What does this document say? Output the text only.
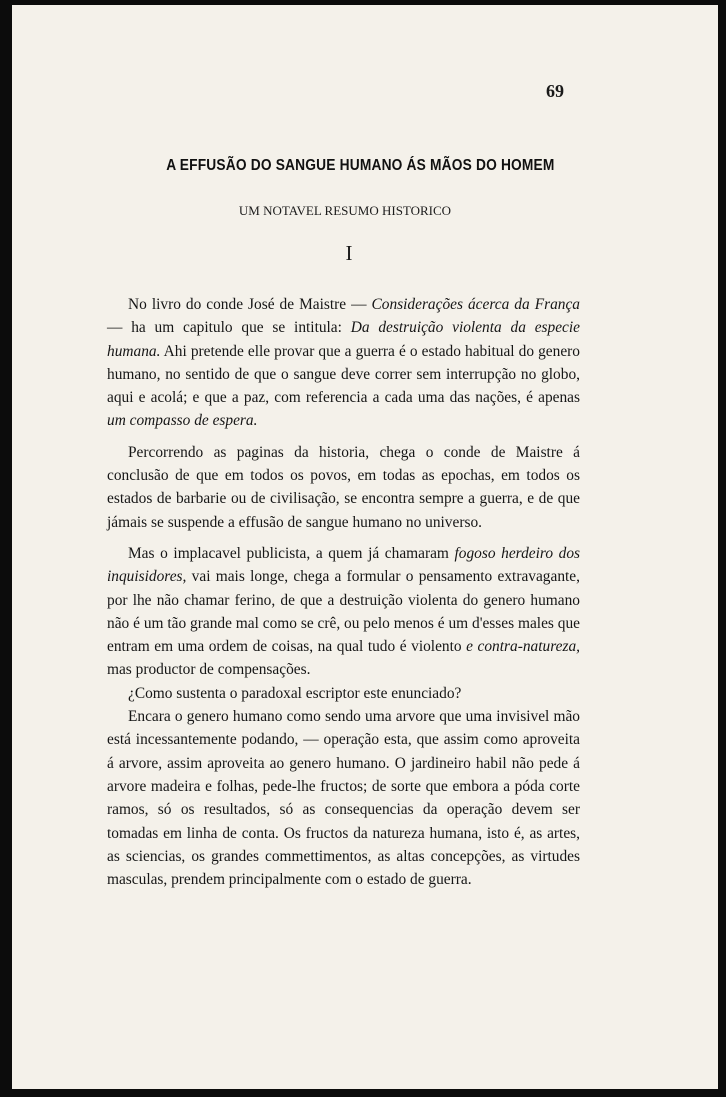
69
A EFFUSÃO DO SANGUE HUMANO ÁS MÃOS DO HOMEM
UM NOTAVEL RESUMO HISTORICO
I

No livro do conde José de Maistre — Considerações ácerca da França — ha um capitulo que se intitula: Da destruição violenta da especie humana. Ahi pretende elle provar que a guerra é o estado habitual do genero humano, no sentido de que o sangue deve correr sem interrupção no globo, aqui e acolá; e que a paz, com referencia a cada uma das nações, é apenas um compasso de espera.

Percorrendo as paginas da historia, chega o conde de Maistre á conclusão de que em todos os povos, em todas as epochas, em todos os estados de barbarie ou de civilisação, se encontra sempre a guerra, e de que jámais se suspende a effusão de sangue humano no universo.

Mas o implacavel publicista, a quem já chamaram fogoso herdeiro dos inquisidores, vai mais longe, chega a formular o pensamento extravagante, por lhe não chamar ferino, de que a destruição violenta do genero humano não é um tão grande mal como se crê, ou pelo menos é um d'esses males que entram em uma ordem de coisas, na qual tudo é violento e contra-natureza, mas productor de compensações.

¿Como sustenta o paradoxal escriptor este enunciado?

Encara o genero humano como sendo uma arvore que uma invisivel mão está incessantemente podando, — operação esta, que assim como aproveita á arvore, assim aproveita ao genero humano. O jardineiro habil não pede á arvore madeira e folhas, pede-lhe fructos; de sorte que embora a póda corte ramos, só os resultados, só as consequencias da operação devem ser tomadas em linha de conta. Os fructos da natureza humana, isto é, as artes, as sciencias, os grandes commettimentos, as altas concepções, as virtudes masculas, prendem principalmente com o estado de guerra.
